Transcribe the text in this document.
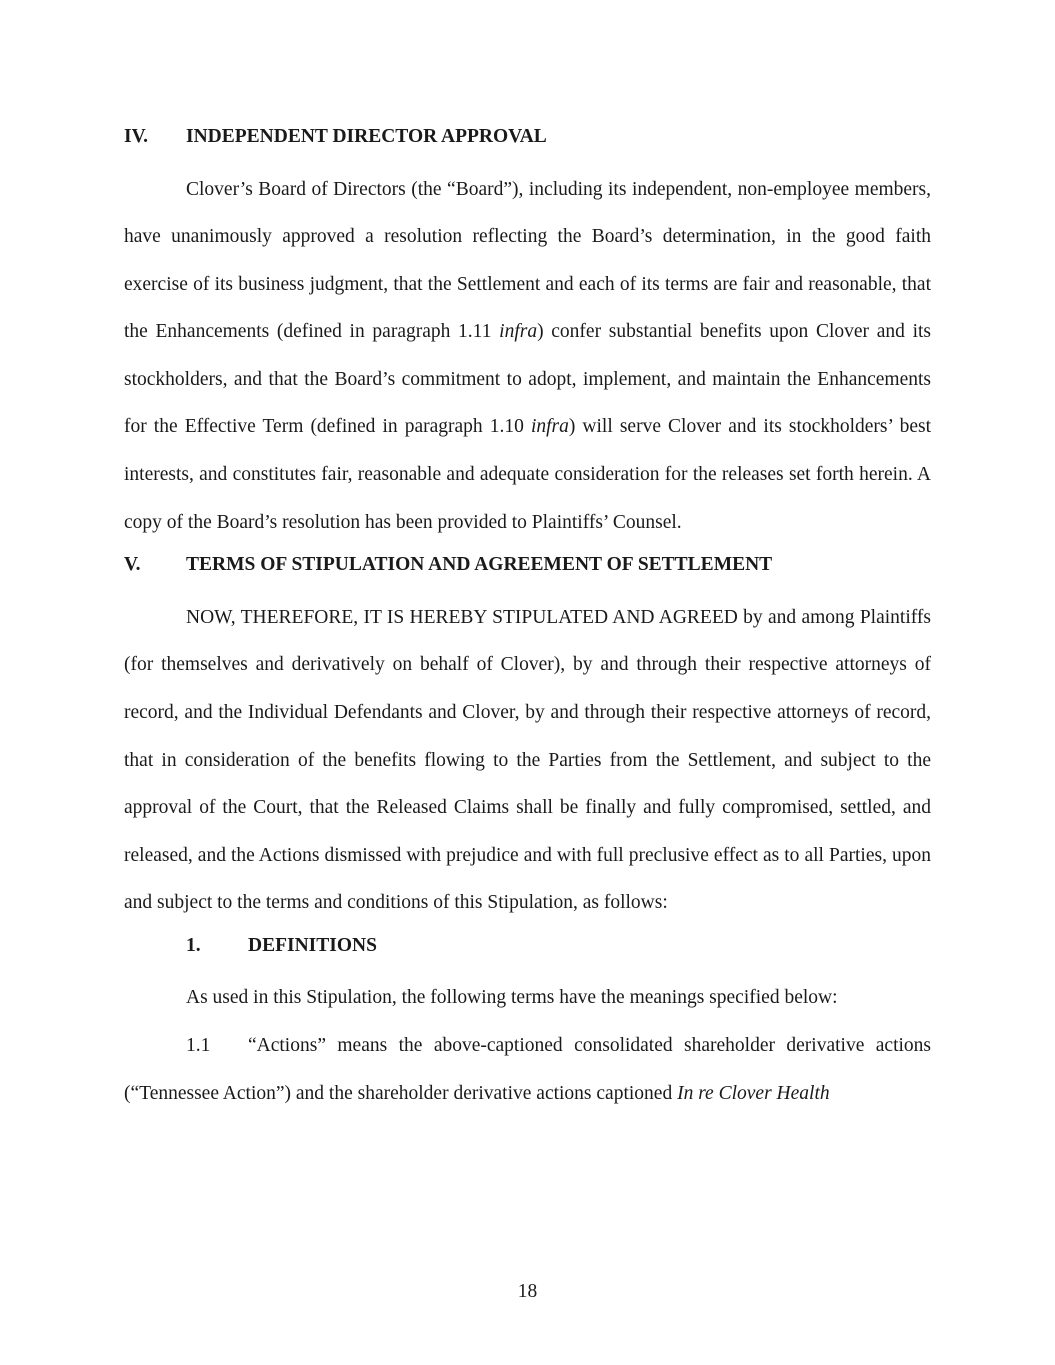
IV. INDEPENDENT DIRECTOR APPROVAL

Clover’s Board of Directors (the “Board”), including its independent, non-employee members, have unanimously approved a resolution reflecting the Board’s determination, in the good faith exercise of its business judgment, that the Settlement and each of its terms are fair and reasonable, that the Enhancements (defined in paragraph 1.11 infra) confer substantial benefits upon Clover and its stockholders, and that the Board’s commitment to adopt, implement, and maintain the Enhancements for the Effective Term (defined in paragraph 1.10 infra) will serve Clover and its stockholders’ best interests, and constitutes fair, reasonable and adequate consideration for the releases set forth herein. A copy of the Board’s resolution has been provided to Plaintiffs’ Counsel.

V. TERMS OF STIPULATION AND AGREEMENT OF SETTLEMENT

NOW, THEREFORE, IT IS HEREBY STIPULATED AND AGREED by and among Plaintiffs (for themselves and derivatively on behalf of Clover), by and through their respective attorneys of record, and the Individual Defendants and Clover, by and through their respective attorneys of record, that in consideration of the benefits flowing to the Parties from the Settlement, and subject to the approval of the Court, that the Released Claims shall be finally and fully compromised, settled, and released, and the Actions dismissed with prejudice and with full preclusive effect as to all Parties, upon and subject to the terms and conditions of this Stipulation, as follows:

1. DEFINITIONS

As used in this Stipulation, the following terms have the meanings specified below:

1.1 “Actions” means the above-captioned consolidated shareholder derivative actions (“Tennessee Action”) and the shareholder derivative actions captioned In re Clover Health

18
